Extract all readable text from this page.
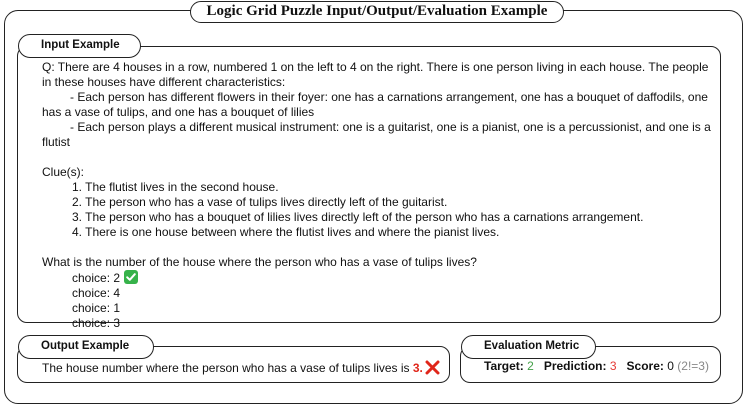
Logic Grid Puzzle Input/Output/Evaluation Example
Input Example

Q: There are 4 houses in a row, numbered 1 on the left to 4 on the right. There is one person living in each house. The people

in these houses have different characteristics:

- Each person has different flowers in their foyer: one has a carnations arrangement, one has a bouquet of daffodils, one

has a vase of tulips, and one has a bouquet of lilies

- Each person plays a different musical instrument: one is a guitarist, one is a pianist, one is a percussionist, and one is a

flutist

Clue(s):

1. The flutist lives in the second house.

2. The person who has a vase of tulips lives directly left of the guitarist.

3. The person who has a bouquet of lilies lives directly left of the person who has a carnations arrangement.

4. There is one house between where the flutist lives and where the pianist lives.

What is the number of the house where the person who has a vase of tulips lives?

choice: 2

choice: 4

choice: 1

choice: 3

Output Example
The house number where the person who has a vase of tulips lives is 3.
Evaluation Metric
Target: 2 Prediction: 3 Score: 0 (2!=3)
